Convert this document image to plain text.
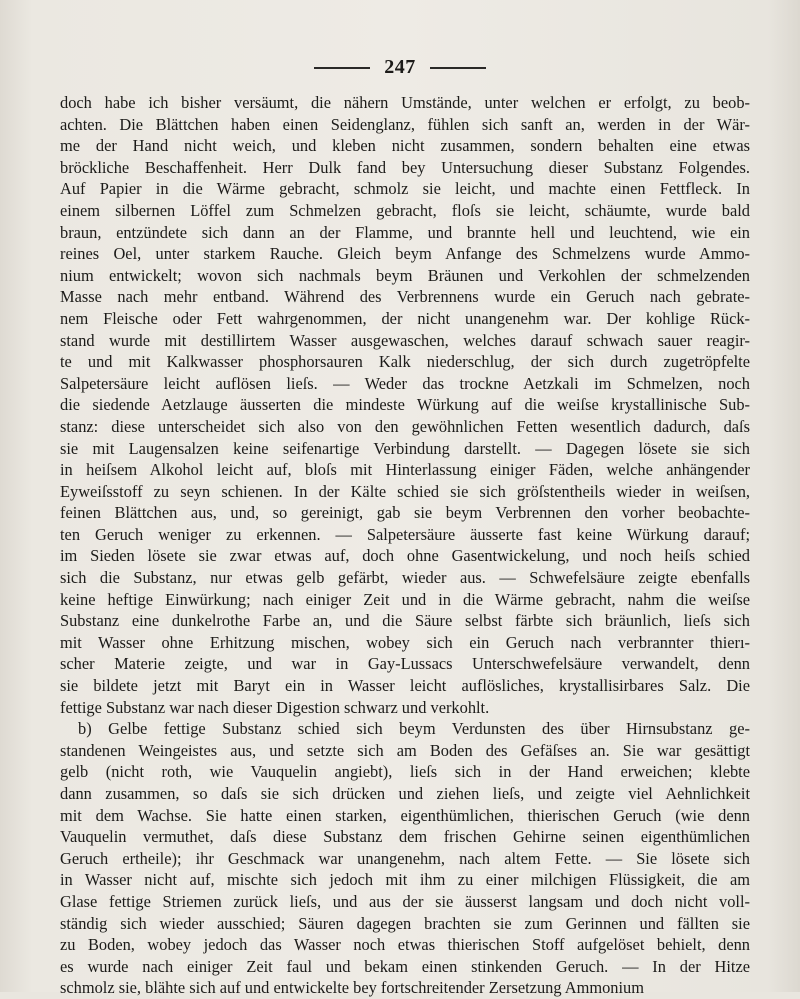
247
doch habe ich bisher versäumt, die nähern Umstände, unter welchen er erfolgt, zu beob-
achten. Die Blättchen haben einen Seidenglanz, fühlen sich sanft an, werden in der Wär-
me der Hand nicht weich, und kleben nicht zusammen, sondern behalten eine etwas
bröckliche Beschaffenheit. Herr Dulk fand bey Untersuchung dieser Substanz Folgendes.
Auf Papier in die Wärme gebracht, schmolz sie leicht, und machte einen Fettfleck. In
einem silbernen Löffel zum Schmelzen gebracht, floſs sie leicht, schäumte, wurde bald
braun, entzündete sich dann an der Flamme, und brannte hell und leuchtend, wie ein
reines Oel, unter starkem Rauche. Gleich beym Anfange des Schmelzens wurde Ammo-
nium entwickelt; wovon sich nachmals beym Bräunen und Verkohlen der schmelzenden
Masse nach mehr entband. Während des Verbrennens wurde ein Geruch nach gebrate-
nem Fleische oder Fett wahrgenommen, der nicht unangenehm war. Der kohlige Rück-
stand wurde mit destillirtem Wasser ausgewaschen, welches darauf schwach sauer reagir-
te und mit Kalkwasser phosphorsauren Kalk niederschlug, der sich durch zugetröpfelte
Salpetersäure leicht auflösen lieſs. — Weder das trockne Aetzkali im Schmelzen, noch
die siedende Aetzlauge äusserten die mindeste Würkung auf die weiſse krystallinische Sub-
stanz: diese unterscheidet sich also von den gewöhnlichen Fetten wesentlich dadurch, daſs
sie mit Laugensalzen keine seifenartige Verbindung darstellt. — Dagegen lösete sie sich
in heiſsem Alkohol leicht auf, bloſs mit Hinterlassung einiger Fäden, welche anhängender
Eyweiſsstoff zu seyn schienen. In der Kälte schied sie sich gröſstentheils wieder in weiſsen,
feinen Blättchen aus, und, so gereinigt, gab sie beym Verbrennen den vorher beobachte-
ten Geruch weniger zu erkennen. — Salpetersäure äusserte fast keine Würkung darauf;
im Sieden lösete sie zwar etwas auf, doch ohne Gasentwickelung, und noch heiſs schied
sich die Substanz, nur etwas gelb gefärbt, wieder aus. — Schwefelsäure zeigte ebenfalls
keine heftige Einwürkung; nach einiger Zeit und in die Wärme gebracht, nahm die weiſse
Substanz eine dunkelrothe Farbe an, und die Säure selbst färbte sich bräunlich, lieſs sich
mit Wasser ohne Erhitzung mischen, wobey sich ein Geruch nach verbrannter thierı-
scher Materie zeigte, und war in Gay-Lussacs Unterschwefelsäure verwandelt, denn
sie bildete jetzt mit Baryt ein in Wasser leicht auflösliches, krystallisirbares Salz. Die
fettige Substanz war nach dieser Digestion schwarz und verkohlt.
b) Gelbe fettige Substanz schied sich beym Verdunsten des über Hirnsubstanz ge-
standenen Weingeistes aus, und setzte sich am Boden des Gefäſses an. Sie war gesättigt
gelb (nicht roth, wie Vauquelin angiebt), lieſs sich in der Hand erweichen; klebte
dann zusammen, so daſs sie sich drücken und ziehen lieſs, und zeigte viel Aehnlichkeit
mit dem Wachse. Sie hatte einen starken, eigenthümlichen, thierischen Geruch (wie denn
Vauquelin vermuthet, daſs diese Substanz dem frischen Gehirne seinen eigenthümlichen
Geruch ertheile); ihr Geschmack war unangenehm, nach altem Fette. — Sie lösete sich
in Wasser nicht auf, mischte sich jedoch mit ihm zu einer milchigen Flüssigkeit, die am
Glase fettige Striemen zurück lieſs, und aus der sie äusserst langsam und doch nicht voll-
ständig sich wieder ausschied; Säuren dagegen brachten sie zum Gerinnen und fällten sie
zu Boden, wobey jedoch das Wasser noch etwas thierischen Stoff aufgelöset behielt, denn
es wurde nach einiger Zeit faul und bekam einen stinkenden Geruch. — In der Hitze
schmolz sie, blähte sich auf und entwickelte bey fortschreitender Zersetzung Ammonium
